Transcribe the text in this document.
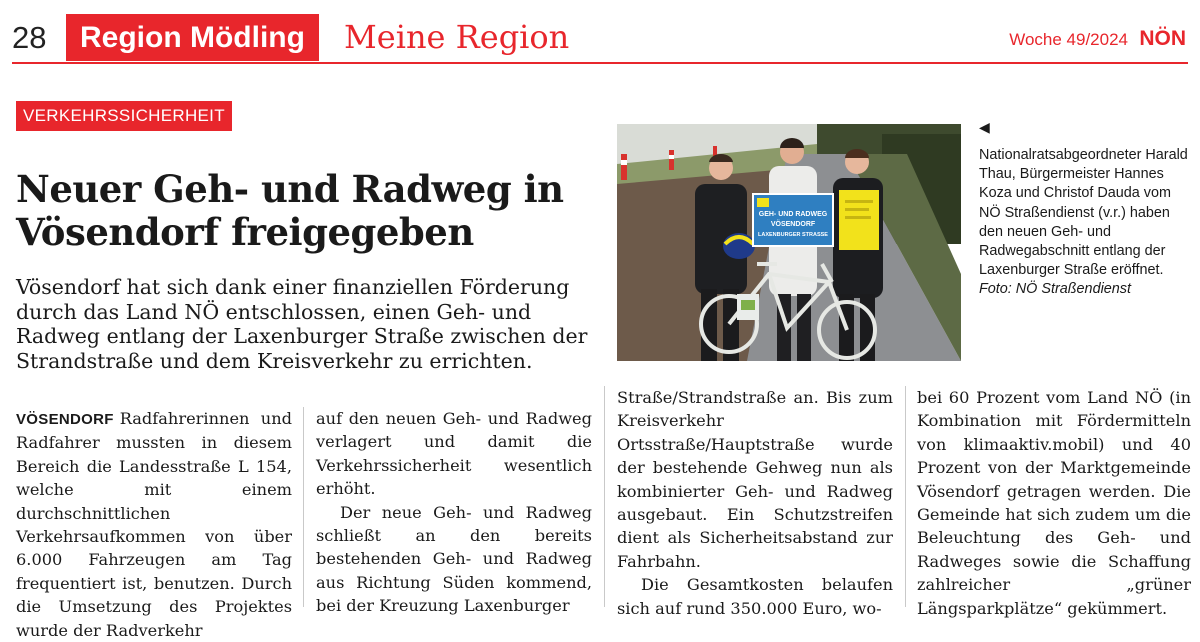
28	Region Mödling	Meine Region	Woche 49/2024 NÖN
VERKEHRSSICHERHEIT
Neuer Geh- und Radweg in Vösendorf freigegeben

Vösendorf hat sich dank einer finanziellen Förderung durch das Land NÖ entschlossen, einen Geh- und Radweg entlang der Laxenburger Straße zwischen der Strandstraße und dem Kreisverkehr zu errichten.

GEH- UND RADWEG
VÖSENDORF
LAXENBURGER STRASSE
◀
Nationalratsabgeordneter Harald Thau, Bürgermeister Hannes Koza und Christof Dauda vom NÖ Straßendienst (v.r.) haben den neuen Geh- und Radwegabschnitt entlang der Laxenburger Straße eröffnet.
Foto: NÖ Straßendienst

VÖSENDORF Radfahrerinnen und Radfahrer mussten in diesem Bereich die Landesstraße L 154, welche mit einem durchschnittlichen Verkehrsaufkommen von über 6.000 Fahrzeugen am Tag frequentiert ist, benutzen. Durch die Umsetzung des Projektes wurde der Radverkehr

auf den neuen Geh- und Radweg verlagert und damit die Verkehrssicherheit wesentlich erhöht.

Der neue Geh- und Radweg schließt an den bereits bestehenden Geh- und Radweg aus Richtung Süden kommend, bei der Kreuzung Laxenburger

Straße/Strandstraße an. Bis zum Kreisverkehr Ortsstraße/Hauptstraße wurde der bestehende Gehweg nun als kombinierter Geh- und Radweg ausgebaut. Ein Schutzstreifen dient als Sicherheitsabstand zur Fahrbahn.

Die Gesamtkosten belaufen sich auf rund 350.000 Euro, wo-

bei 60 Prozent vom Land NÖ (in Kombination mit Fördermitteln von klimaaktiv.mobil) und 40 Prozent von der Marktgemeinde Vösendorf getragen werden. Die Gemeinde hat sich zudem um die Beleuchtung des Geh- und Radweges sowie die Schaffung zahlreicher „grüner Längsparkplätze“ gekümmert.
